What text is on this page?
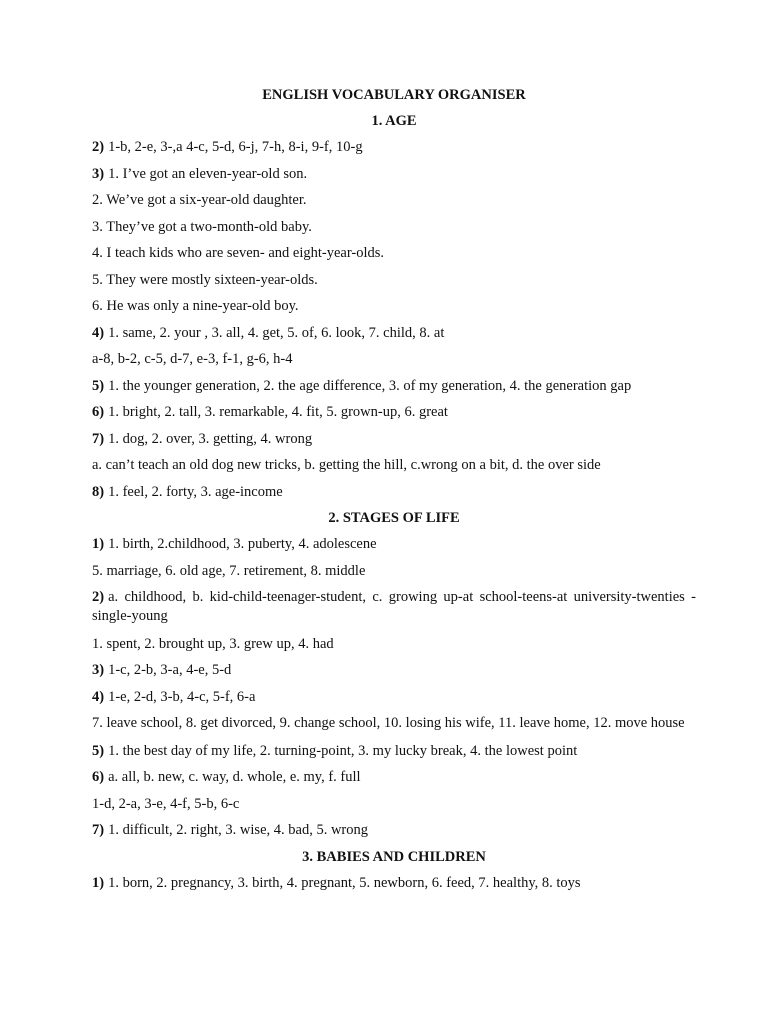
ENGLISH VOCABULARY ORGANISER
1. AGE
2) 1-b, 2-e, 3-,a 4-c, 5-d, 6-j, 7-h, 8-i, 9-f, 10-g
3) 1. I’ve got an eleven-year-old son.
2. We’ve got a six-year-old daughter.
3. They’ve got a two-month-old baby.
4. I teach kids who are seven- and eight-year-olds.
5. They were mostly sixteen-year-olds.
6. He was only a nine-year-old boy.
4) 1. same, 2. your , 3. all, 4. get, 5. of, 6. look, 7. child, 8. at
a-8, b-2, c-5, d-7, e-3, f-1, g-6, h-4
5) 1. the younger generation, 2. the age difference, 3. of my generation, 4. the generation gap
6) 1. bright, 2. tall, 3. remarkable, 4. fit, 5. grown-up, 6. great
7) 1. dog, 2. over, 3. getting, 4. wrong
a. can’t teach an old dog new tricks, b. getting the hill, c.wrong on a bit, d. the over side
8) 1. feel, 2. forty, 3. age-income
2. STAGES OF LIFE
1) 1. birth, 2.childhood, 3. puberty, 4. adolescene
5. marriage, 6. old age, 7. retirement, 8. middle
2) a. childhood, b. kid-child-teenager-student, c. growing up-at school-teens-at university-twenties -single-young
1. spent, 2. brought up, 3. grew up, 4. had
3) 1-c, 2-b, 3-a, 4-e, 5-d
4) 1-e, 2-d, 3-b, 4-c, 5-f, 6-a
7. leave school, 8. get divorced, 9. change school, 10. losing his wife, 11. leave home, 12. move house
5) 1. the best day of my life, 2. turning-point, 3. my lucky break, 4. the lowest point
6) a. all, b. new, c. way, d. whole, e. my, f. full
1-d, 2-a, 3-e, 4-f, 5-b, 6-c
7) 1. difficult, 2. right, 3. wise, 4. bad, 5. wrong
3. BABIES AND CHILDREN
1) 1. born, 2. pregnancy, 3. birth, 4. pregnant, 5. newborn, 6. feed, 7. healthy, 8. toys
